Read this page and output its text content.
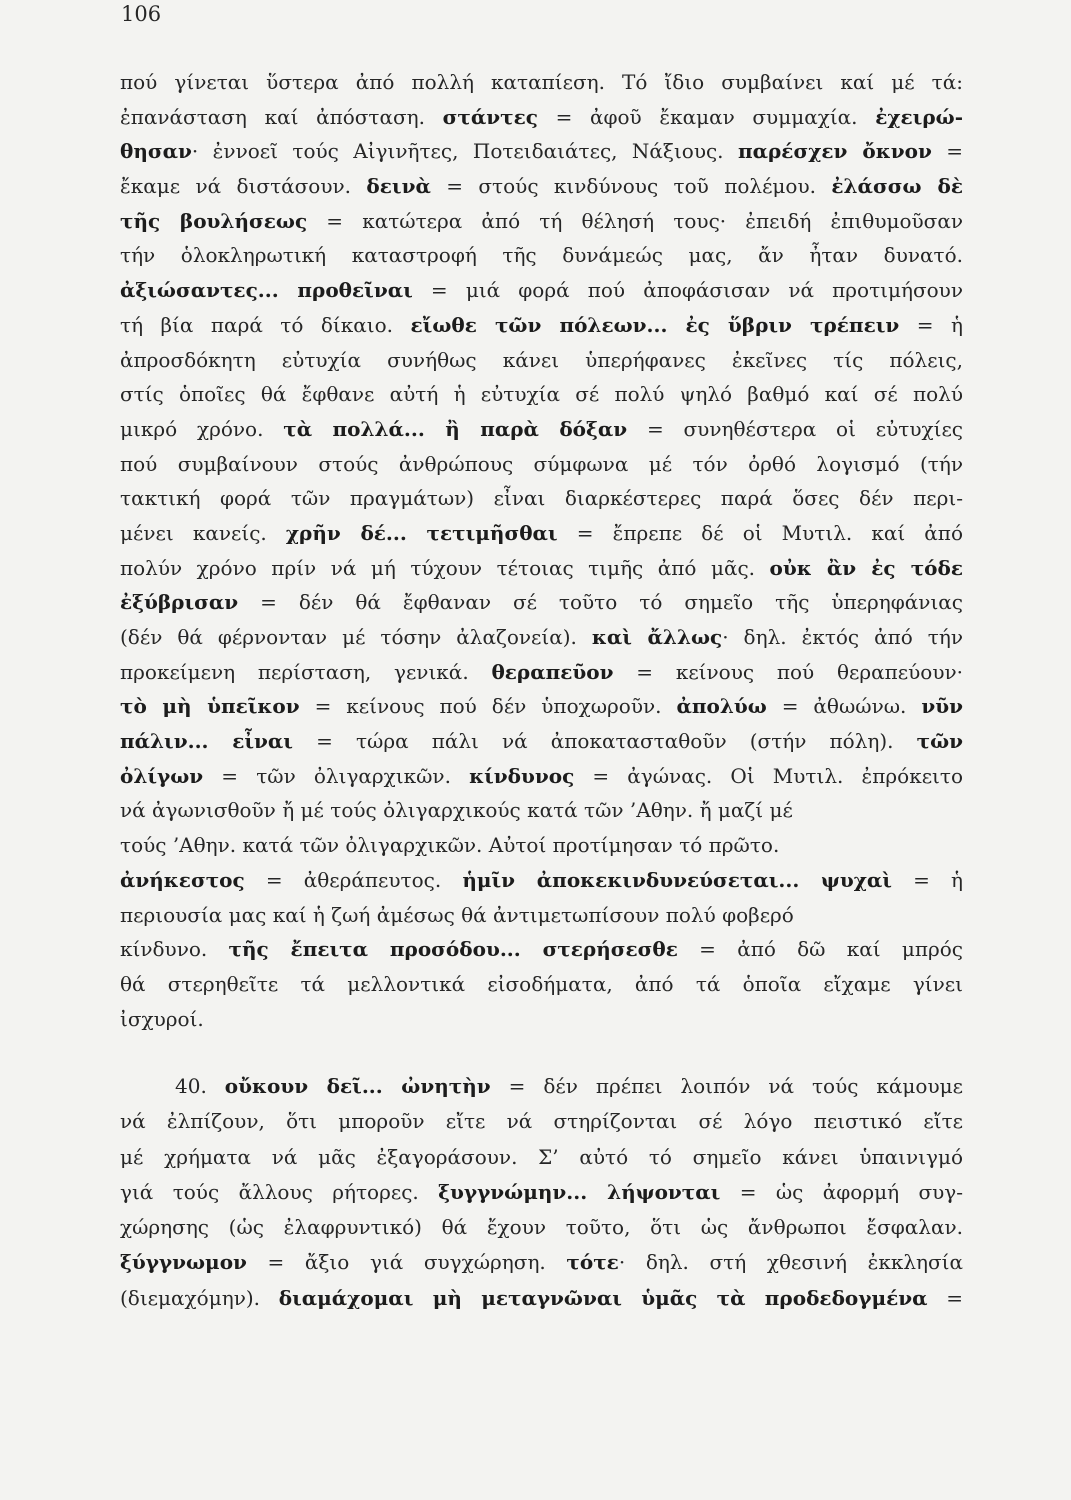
106
πού γίνεται ὕστερα ἀπό πολλή καταπίεση. Τό ἴδιο συμβαίνει καί μέ τά:
ἐπανάσταση καί ἀπόσταση. στάντες = ἀφοῦ ἔκαμαν συμμαχία. ἐχειρώ-
θησαν· ἐννοεῖ τούς Αἰγινῆτες, Ποτειδαιάτες, Νάξιους. παρέσχεν ὄκνον =
ἔκαμε νά διστάσουν. δεινὰ = στούς κινδύνους τοῦ πολέμου. ἐλάσσω δὲ
τῆς βουλήσεως = κατώτερα ἀπό τή θέλησή τους· ἐπειδή ἐπιθυμοῦσαν
τήν ὁλοκληρωτική καταστροφή τῆς δυνάμεώς μας, ἄν ἦταν δυνατό.
ἀξιώσαντες... προθεῖναι = μιά φορά πού ἀποφάσισαν νά προτιμήσουν
τή βία παρά τό δίκαιο. εἴωθε τῶν πόλεων... ἐς ὕβριν τρέπειν = ἡ
ἀπροσδόκητη εὐτυχία συνήθως κάνει ὑπερήφανες ἐκεῖνες τίς πόλεις,
στίς ὁποῖες θά ἔφθανε αὐτή ἡ εὐτυχία σέ πολύ ψηλό βαθμό καί σέ πολύ
μικρό χρόνο. τὰ πολλά... ἢ παρὰ δόξαν = συνηθέστερα οἱ εὐτυχίες
πού συμβαίνουν στούς ἀνθρώπους σύμφωνα μέ τόν ὀρθό λογισμό (τήν
τακτική φορά τῶν πραγμάτων) εἶναι διαρκέστερες παρά ὅσες δέν περι-
μένει κανείς. χρῆν δέ... τετιμῆσθαι = ἔπρεπε δέ οἱ Μυτιλ. καί ἀπό
πολύν χρόνο πρίν νά μή τύχουν τέτοιας τιμῆς ἀπό μᾶς. οὐκ ἂν ἐς τόδε
ἐξύβρισαν = δέν θά ἔφθαναν σέ τοῦτο τό σημεῖο τῆς ὑπερηφάνιας
(δέν θά φέρνονταν μέ τόσην ἀλαζονεία). καὶ ἄλλως· δηλ. ἐκτός ἀπό τήν
προκείμενη περίσταση, γενικά. θεραπεῦον = κείνους πού θεραπεύουν·
τὸ μὴ ὑπεῖκον = κείνους πού δέν ὑποχωροῦν. ἀπολύω = ἀθωώνω. νῦν
πάλιν... εἶναι = τώρα πάλι νά ἀποκατασταθοῦν (στήν πόλη). τῶν
ὀλίγων = τῶν ὀλιγαρχικῶν. κίνδυνος = ἀγώνας. Οἱ Μυτιλ. ἐπρόκειτο
νά ἀγωνισθοῦν ἤ μέ τούς ὀλιγαρχικούς κατά τῶν ’Αθην. ἤ μαζί μέ
τούς ’Αθην. κατά τῶν ὀλιγαρχικῶν. Αὐτοί προτίμησαν τό πρῶτο.
ἀνήκεστος = ἀθεράπευτος. ἡμῖν ἀποκεκινδυνεύσεται... ψυχαὶ = ἡ
περιουσία μας καί ἡ ζωή ἀμέσως θά ἀντιμετωπίσουν πολύ φοβερό
κίνδυνο. τῆς ἔπειτα προσόδου... στερήσεσθε = ἀπό δῶ καί μπρός
θά στερηθεῖτε τά μελλοντικά εἰσοδήματα, ἀπό τά ὁποῖα εἴχαμε γίνει
ἰσχυροί.
40. οὔκουν δεῖ... ὠνητὴν = δέν πρέπει λοιπόν νά τούς κάμουμε
νά ἐλπίζουν, ὅτι μποροῦν εἴτε νά στηρίζονται σέ λόγο πειστικό εἴτε
μέ χρήματα νά μᾶς ἐξαγοράσουν. Σ’ αὐτό τό σημεῖο κάνει ὑπαινιγμό
γιά τούς ἄλλους ρήτορες. ξυγγνώμην... λήψονται = ὡς ἀφορμή συγ-
χώρησης (ὡς ἐλαφρυντικό) θά ἔχουν τοῦτο, ὅτι ὡς ἄνθρωποι ἔσφαλαν.
ξύγγνωμον = ἄξιο γιά συγχώρηση. τότε· δηλ. στή χθεσινή ἐκκλησία
(διεμαχόμην). διαμάχομαι μὴ μεταγνῶναι ὑμᾶς τὰ προδεδογμένα =
